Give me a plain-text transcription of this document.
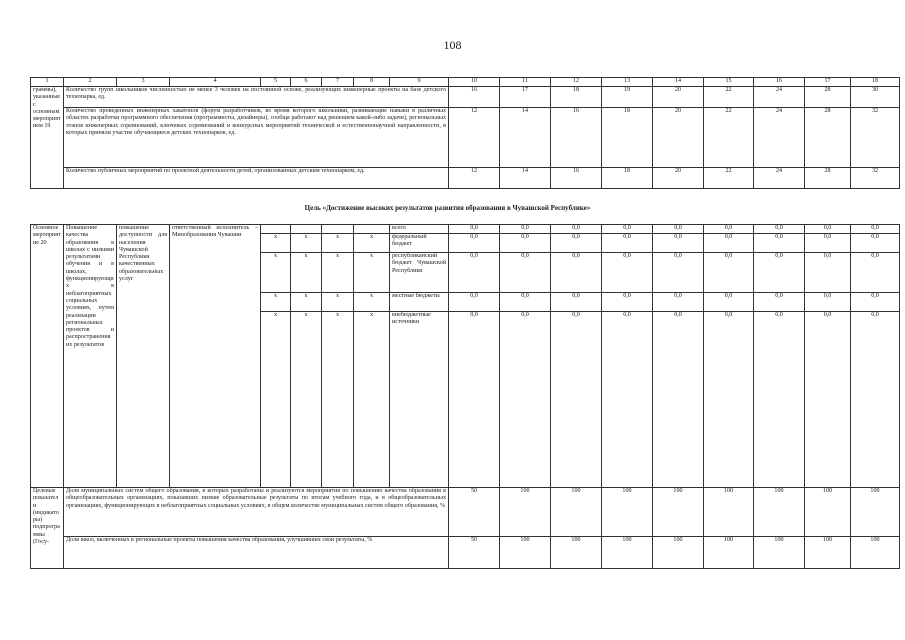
108
1	2	3	4	5	6	7	8	9	10	11	12	13	14	15	16	17	18
граммы), указанные с основным мероприятием 19	Количество групп школьников численностью не менее 3 человек на постоянной основе, реализующих инженерные проекты на базе детского технопарка, ед.								16	17	18	19	20	22	24	28	30
	Количество проведенных инженерных хакатонов (форум разработчиков, во время которого школьники, развивающие навыки в различных областях разработки программного обеспечения (программисты, дизайнеры), сообща работают над решением какой-либо задачи), региональных этапов инженерных соревнований, ключевых соревнований и конкурсных мероприятий технической и естественнонаучной направленности, в которых приняли участие обучающиеся детских технопарков, ед.								12	14	16	18	20	22	24	28	32
	Количество публичных мероприятий по проектной деятельности детей, организованных детским технопарком, ед.								12	14	16	18	20	22	24	28	32
Цель «Достижение высоких результатов развития образования в Чувашской Республике»
Основное мероприятие 20	Повышение качества образования в школах с низкими результатами обучения и в школах, функционирующих в неблагоприятных социальных условиях, путем реализации региональных проектов и распространения их результатов	повышение доступности для населения Чувашской Республики качественных образовательных услуг	ответственный исполнитель – Минобразования Чувашии					всего	0,0	0,0	0,0	0,0	0,0	0,0	0,0	0,0	0,0
				x	x	x	x	федеральный бюджет	0,0	0,0	0,0	0,0	0,0	0,0	0,0	0,0	0,0
				x	x	x	x	республиканский бюджет Чувашской Республики	0,0	0,0	0,0	0,0	0,0	0,0	0,0	0,0	0,0
				x	x	x	x	местные бюджеты	0,0	0,0	0,0	0,0	0,0	0,0	0,0	0,0	0,0
				x	x	x	x	внебюджетные источники	0,0	0,0	0,0	0,0	0,0	0,0	0,0	0,0	0,0

Целевые показатели (индикаторы) подпрограммы (Госу-	Доля муниципальных систем общего образования, в которых разработаны и реализуются мероприятия по повышению качества образования в общеобразовательных организациях, показавших низкие образовательные результаты по итогам учебного года, и в общеобразовательных организациях, функционирующих в неблагоприятных социальных условиях, в общем количестве муниципальных систем общего образования, %								50	100	100	100	100	100	100	100	100
	Доля школ, включенных в региональные проекты повышения качества образования, улучшивших свои результаты, %								50	100	100	100	100	100	100	100	100
